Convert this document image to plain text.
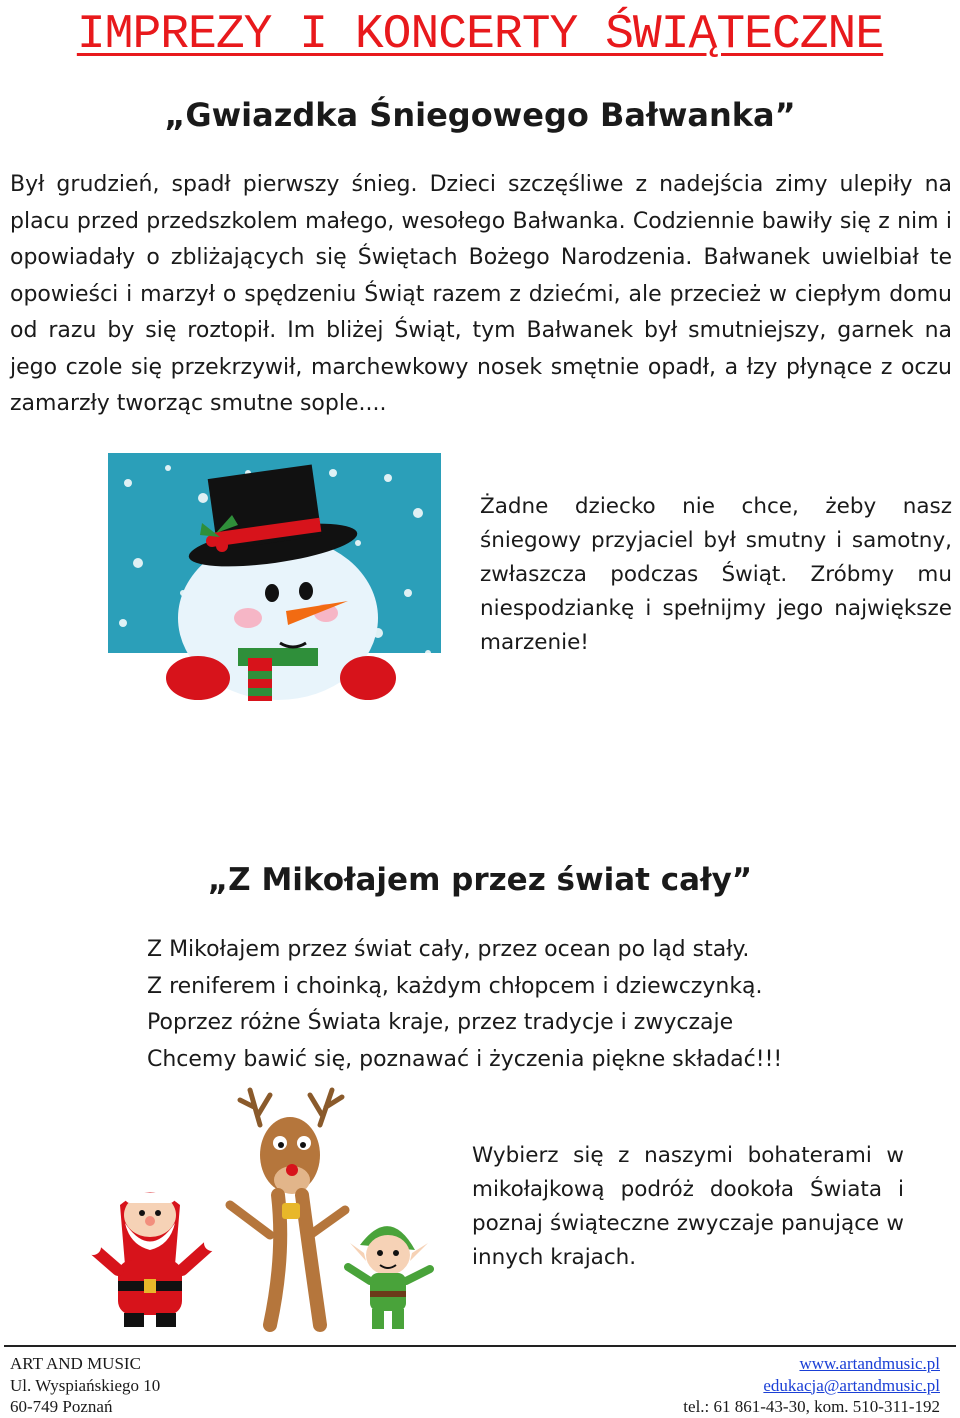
IMPREZY I KONCERTY ŚWIĄTECZNE
„Gwiazdka Śniegowego Bałwanka”
Był grudzień, spadł pierwszy śnieg. Dzieci szczęśliwe z nadejścia zimy ulepiły na placu przed przedszkolem małego, wesołego Bałwanka. Codziennie bawiły się z nim i opowiadały o zbliżających się Świętach Bożego Narodzenia. Bałwanek uwielbiał te opowieści i marzył o spędzeniu Świąt razem z dziećmi, ale przecież w ciepłym domu od razu by się roztopił. Im bliżej Świąt, tym Bałwanek był smutniejszy, garnek na jego czole się przekrzywił, marchewkowy nosek smętnie opadł, a łzy płynące z oczu zamarzły tworząc smutne sople....
Żadne dziecko nie chce, żeby nasz śniegowy przyjaciel był smutny i samotny, zwłaszcza podczas Świąt. Zróbmy mu niespodziankę i spełnijmy jego największe marzenie!
„Z Mikołajem przez świat cały”
Z Mikołajem przez świat cały, przez ocean po ląd stały.
Z reniferem i choinką, każdym chłopcem i dziewczynką.
Poprzez różne Świata kraje, przez tradycje i zwyczaje
Chcemy bawić się, poznawać i życzenia piękne składać!!!
Wybierz się z naszymi bohaterami w mikołajkową podróż dookoła Świata i poznaj świąteczne zwyczaje panujące w innych krajach.
ART AND MUSIC
Ul. Wyspiańskiego 10
60-749 Poznań
www.artandmusic.pl
edukacja@artandmusic.pl
tel.: 61 861-43-30, kom. 510-311-192
